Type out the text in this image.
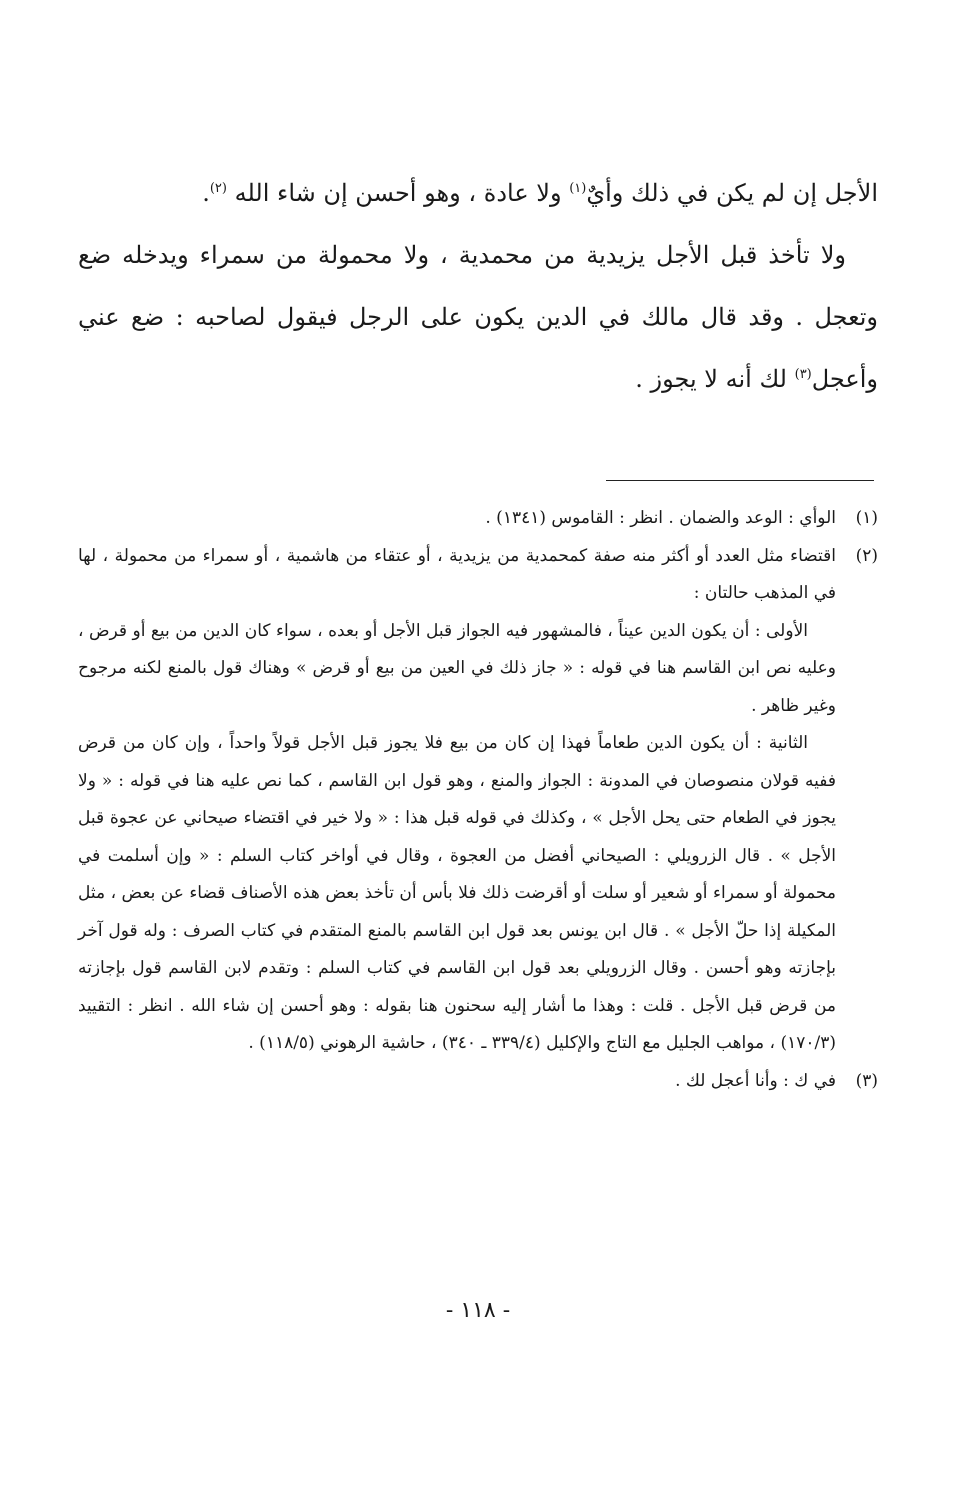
الأجل إن لم يكن في ذلك وأيٌ$^{(١)}$ ولا عادة ، وهو أحسن إن شاء الله $^{(٢)}$.

ولا تأخذ قبل الأجل يزيدية من محمدية ، ولا محمولة من سمراء ويدخله ضع وتعجل . وقد قال مالك في الدين يكون على الرجل فيقول لصاحبه : ضع عني وأعجل$^{(٣)}$ لك أنه لا يجوز .

(١)

الوأي : الوعد والضمان . انظر : القاموس (١٣٤١) .

(٢)

اقتضاء مثل العدد أو أكثر منه صفة كمحمدية من يزيدية ، أو عتقاء من هاشمية ، أو سمراء من محمولة ، لها في المذهب حالتان :

الأولى : أن يكون الدين عيناً ، فالمشهور فيه الجواز قبل الأجل أو بعده ، سواء كان الدين من بيع أو قرض ، وعليه نص ابن القاسم هنا في قوله : « جاز ذلك في العين من بيع أو قرض » وهناك قول بالمنع لكنه مرجوح وغير ظاهر .

الثانية : أن يكون الدين طعاماً فهذا إن كان من بيع فلا يجوز قبل الأجل قولاً واحداً ، وإن كان من قرض ففيه قولان منصوصان في المدونة : الجواز والمنع ، وهو قول ابن القاسم ، كما نص عليه هنا في قوله : « ولا يجوز في الطعام حتى يحل الأجل » ، وكذلك في قوله قبل هذا : « ولا خير في اقتضاء صيحاني عن عجوة قبل الأجل » . قال الزرويلي : الصيحاني أفضل من العجوة ، وقال في أواخر كتاب السلم : « وإن أسلمت في محمولة أو سمراء أو شعير أو سلت أو أقرضت ذلك فلا بأس أن تأخذ بعض هذه الأصناف قضاء عن بعض ، مثل المكيلة إذا حلّ الأجل » . قال ابن يونس بعد قول ابن القاسم بالمنع المتقدم في كتاب الصرف : وله قول آخر بإجازته وهو أحسن . وقال الزرويلي بعد قول ابن القاسم في كتاب السلم : وتقدم لابن القاسم قول بإجازته من قرض قبل الأجل . قلت : وهذا ما أشار إليه سحنون هنا بقوله : وهو أحسن إن شاء الله . انظر : التقييد (١٧٠/٣) ، مواهب الجليل مع التاج والإكليل (٣٣٩/٤ ـ ٣٤٠) ، حاشية الرهوني (١١٨/٥) .

(٣)

في ك : وأنا أعجل لك .

- ١١٨ -
